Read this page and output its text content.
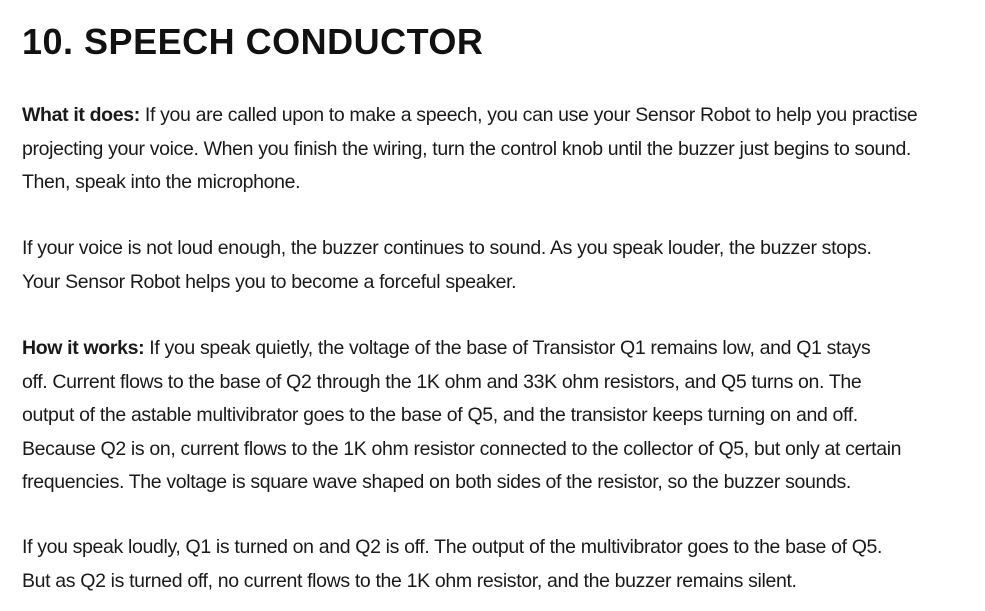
10. SPEECH CONDUCTOR

What it does: If you are called upon to make a speech, you can use your Sensor Robot to help you practise
projecting your voice. When you finish the wiring, turn the control knob until the buzzer just begins to sound.
Then, speak into the microphone.

If your voice is not loud enough, the buzzer continues to sound. As you speak louder, the buzzer stops.
Your Sensor Robot helps you to become a forceful speaker.

How it works: If you speak quietly, the voltage of the base of Transistor Q1 remains low, and Q1 stays
off. Current flows to the base of Q2 through the 1K ohm and 33K ohm resistors, and Q5 turns on. The
output of the astable multivibrator goes to the base of Q5, and the transistor keeps turning on and off.
Because Q2 is on, current flows to the 1K ohm resistor connected to the collector of Q5, but only at certain
frequencies. The voltage is square wave shaped on both sides of the resistor, so the buzzer sounds.

If you speak loudly, Q1 is turned on and Q2 is off. The output of the multivibrator goes to the base of Q5.
But as Q2 is turned off, no current flows to the 1K ohm resistor, and the buzzer remains silent.
